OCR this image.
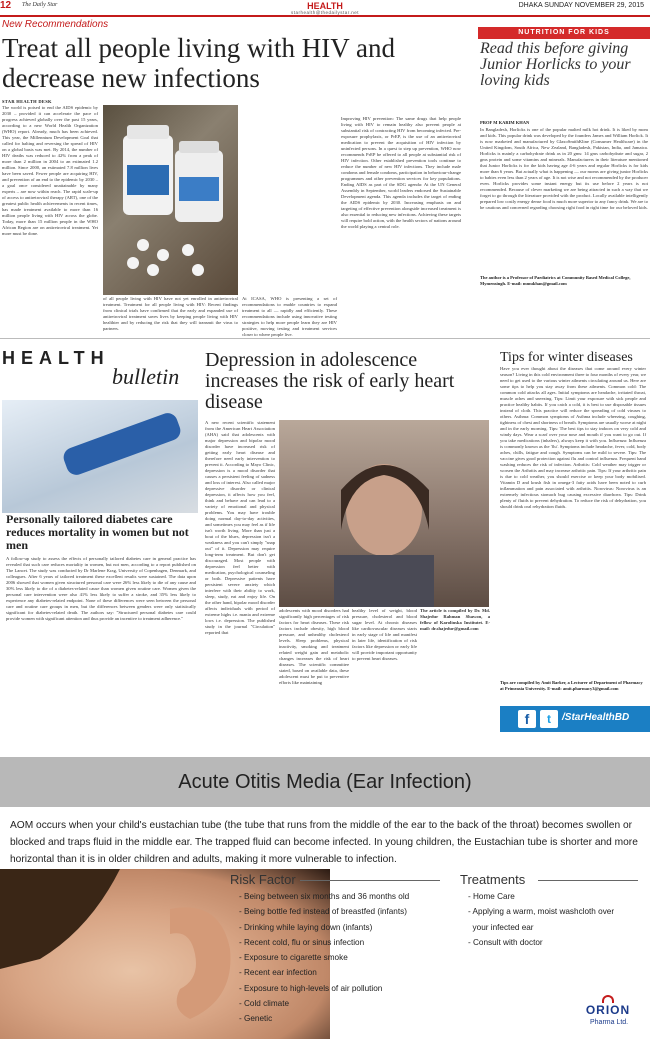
12	The Daily Star	HEALTH
starhealth@thedailystar.net
DHAKA SUNDAY NOVEMBER 29, 2015
New Recommendations
Treat all people living with HIV and decrease new infections
STAR HEALTH DESK
The world is poised to end the AIDS epidemic by 2030 – provided it can accelerate the pace of progress achieved globally over the past 15 years, according to a new World Health Organization (WHO) report. Already, much has been achieved. This year, the Millennium Development Goal that called for halting and reversing the spread of HIV on a global basis was met. By 2014, the number of HIV deaths was reduced to 42% from a peak of more than 2 million in 2004 to an estimated 1.2 million. Since 2000, an estimated 7.8 million lives have been saved. Fewer people are acquiring HIV, and prevention of an end to the epidemic by 2030 – a goal once considered unattainable by many experts – are now within reach. The rapid scale-up of access to antiretroviral therapy (ART), one of the greatest public health achievements in recent times, has made treatment available to more than 16 million people living with HIV across the globe. Today, more than 15 million people in the WHO African Region are on antiretroviral treatment. Yet more must be done.
of all people living with HIV have not yet enrolled in antiretroviral treatment. Treatment for all people living with HIV: Recent findings from clinical trials have confirmed that the early and expanded use of antiretroviral treatment saves lives by keeping people living with HIV healthier and by reducing the risk that they will transmit the virus to partners.
At ICASA, WHO is presenting a set of recommendations to enable countries to expand treatment to all — rapidly and efficiently. These recommendations include using innovative testing strategies to help more people learn they are HIV positive, moving testing and treatment services closer to where people live.
Improving HIV prevention: The same drugs that help people living with HIV to remain healthy also prevent people at substantial risk of contracting HIV from becoming infected. Pre-exposure prophylaxis, or PrEP, is the use of an antiretroviral medication to prevent the acquisition of HIV infection by uninfected persons. In a quest to step up prevention, WHO now recommends PrEP be offered to all people at substantial risk of HIV infection. Other established prevention tools continue to reduce the number of new HIV infections. They include male condoms and female condoms, participation in behaviour-change programmes and other prevention services for key populations. Ending AIDS as part of the SDG agenda: At the UN General Assembly in September, world leaders endorsed the Sustainable Development agenda. This agenda includes the target of ending the AIDS epidemic by 2030. Increasing emphasis on and targeting of effective prevention alongside increased treatment is also essential to reducing new infections. Achieving these targets will require bold action, with the health sectors of nations around the world playing a central role.
NUTRITION FOR KIDS
Read this before giving Junior Horlicks to your loving kids
PROF M KARIM KHAN
In Bangladesh, Horlicks is one of the popular malted milk hot drink. It is liked by mom and kids. This popular drink was developed by the founders James and William Horlick. It is now marketed and manufactured by GlaxoSmithKline (Consumer Healthcare) in the United Kingdom, South Africa, New Zealand, Bangladesh, Pakistan, India, and Jamaica. Horlicks is mainly a carbohydrate drink as in 20 gms: 14 gms carbohydrate and sugar, 2 gms protein and some vitamins and minerals. Manufacturers in their literature mentioned that Junior Horlicks is for the kids having age 4-6 years and regular Horlicks is for kids more than 6 years. But actually what is happening — our moms are giving junior Horlicks to babies even less than 2 years of age. It is not wise and not recommended by the producer even. Horlicks provides some instant energy but its use before 2 years is not recommended. Because of clever marketing we are being attracted in such a way that we forget to go through the literature provided with the product. Locally available intelligently prepared low costly energy dense food is much more superior to any fancy drink. We are to be cautious and concerned regarding choosing right food in right time for our beloved kids.
The author is a Professor of Paediatrics at Community Based Medical College, Mymensingh. E-mail: mmukhan@gmail.com
HEALTH
bulletin
Personally tailored diabetes care reduces mortality in women but not men
A follow-up study to assess the effects of personally tailored diabetes care in general practice has revealed that such care reduces mortality in women, but not men, according to a report published on The Lancet. The study was conducted by Dr Marlene Krag, University of Copenhagen, Denmark, and colleagues. After 6 years of tailored treatment these excellent results were sustained. The data upon 2006 showed that women given structured personal care were 26% less likely to die of any cause and 30% less likely to die of a diabetes-related cause than women given routine care. Women given the personal care intervention were also 41% less likely to suffer a stroke, and 35% less likely to experience any diabetes-related endpoint. None of these differences were seen between the personal care and routine care groups in men, but the differences between genders were only statistically significant for diabetes-related death. The authors say: "Structured personal diabetes care could provide women with significant attention and thus provide an incentive to treatment adherence."
Depression in adolescence increases the risk of early heart disease
A new recent scientific statement from the American Heart Association (AHA) said that adolescents with major depression and bipolar mood disorder have increased risk of getting early heart disease and therefore need early intervention to prevent it. According to Mayo Clinic, depression is a mood disorder that causes a persistent feeling of sadness and loss of interest. Also called major depressive disorder or clinical depression, it affects how you feel, think and behave and can lead to a variety of emotional and physical problems. You may have trouble doing normal day-to-day activities, and sometimes you may feel as if life isn't worth living. More than just a bout of the blues, depression isn't a weakness and you can't simply "snap out" of it. Depression may require long-term treatment. But don't get discouraged. Most people with depression feel better with medication, psychological counseling or both. Depressive patients have persistent severe anxiety which interfere with their ability to work, sleep, study, eat and enjoy life. On the other hand, bipolar mood disorder affects individuals with period of extreme highs i.e. mania and extreme lows i.e. depression. The published study in the journal "Circulation" reported that
adolescents with mood disorders had significantly high percentages of risk factors for heart diseases. These risk factors include obesity, high blood pressure, and unhealthy cholesterol levels. Sleep problems, physical inactivity, smoking and treatment related weight gain and metabolic changes increases the risk of heart diseases. The scientific committee stated, based on available data, these adolescent must be put to preventive efforts like maintaining
healthy level of weight, blood pressure, cholesterol and blood sugar level. At chronic diseases like cardiovascular diseases starts in early stage of life and manifest in later life, identification of risk factors like depression or early life will provide important opportunity to prevent heart diseases.
The article is compiled by Dr. Md. Shajedur Rahman Shawon, a fellow of Karolinska Institutet. E-mail: dr.shajedur@gmail.com
Tips for winter diseases
Have you ever thought about the diseases that come around every winter season? Living in this cold environment three to four months of every year, we need to get used to the various winter ailments circulating around us. Here are some tips to help you stay away from these ailments. Common cold: The common cold attacks all ages. Initial symptoms are headache, irritated throat, muscle aches and sneezing. Tips: Limit your exposure with sick people and practice healthy habits. If you catch a cold, it is best to use disposable tissues instead of cloth. This practice will reduce the spreading of cold viruses to others. Asthma: Common symptoms of Asthma include wheezing, coughing, tightness of chest and shortness of breath. Symptoms are usually worse at night and in the early morning. Tips: The best tips to stay indoors on very cold and windy days. Wear a scarf over your nose and mouth if you want to go out. If you take medications (inhalers), always keep it with you. Influenza: Influenza is commonly known as the 'flu'. Symptoms include headache, fever, cold, body aches, chills, fatigue and cough. Symptoms can be mild to severe. Tips: The vaccine gives good protection against flu and control influenza. Frequent hand washing reduces the risk of infection. Arthritis: Cold weather may trigger or worsen the Arthritis and may increase arthritic pain. Tips: If your arthritic pain is due to cold weather, you should exercise or keep your body mobilised. Vitamin D and krush fish in omega-3 fatty acids have been noted to curb inflammation and pain associated with arthritis. Norovirus: Norovirus is an extremely infectious stomach bug causing excessive diarrhoea. Tips: Drink plenty of fluids to prevent dehydration. To reduce the risk of dehydration, you should drink oral rehydration fluids.
Tips are compiled by Amit Barker, a Lecturer of Department of Pharmacy at Primeasia University. E-mail: amit.pharmacy3@gmail.com
f	t	/StarHealthBD
Acute Otitis Media (Ear Infection)
AOM occurs when your child's eustachian tube (the tube that runs from the middle of the ear to the back of the throat) becomes swollen or blocked and traps fluid in the middle ear. The trapped fluid can become infected. In young children, the Eustachian tube is shorter and more horizontal than it is in older children and adults, making it more vulnerable to infection.
Risk Factor
- Being between six months and 36 months old
- Being bottle fed instead of breastfed (infants)
- Drinking while laying down (infants)
- Recent cold, flu or sinus infection
- Exposure to cigarette smoke
- Recent ear infection
- Exposure to high-levels of air pollution
- Cold climate
- Genetic
Treatments
- Home Care
- Applying a warm, moist washcloth over
your infected ear
- Consult with doctor
ORION
Pharma Ltd.
